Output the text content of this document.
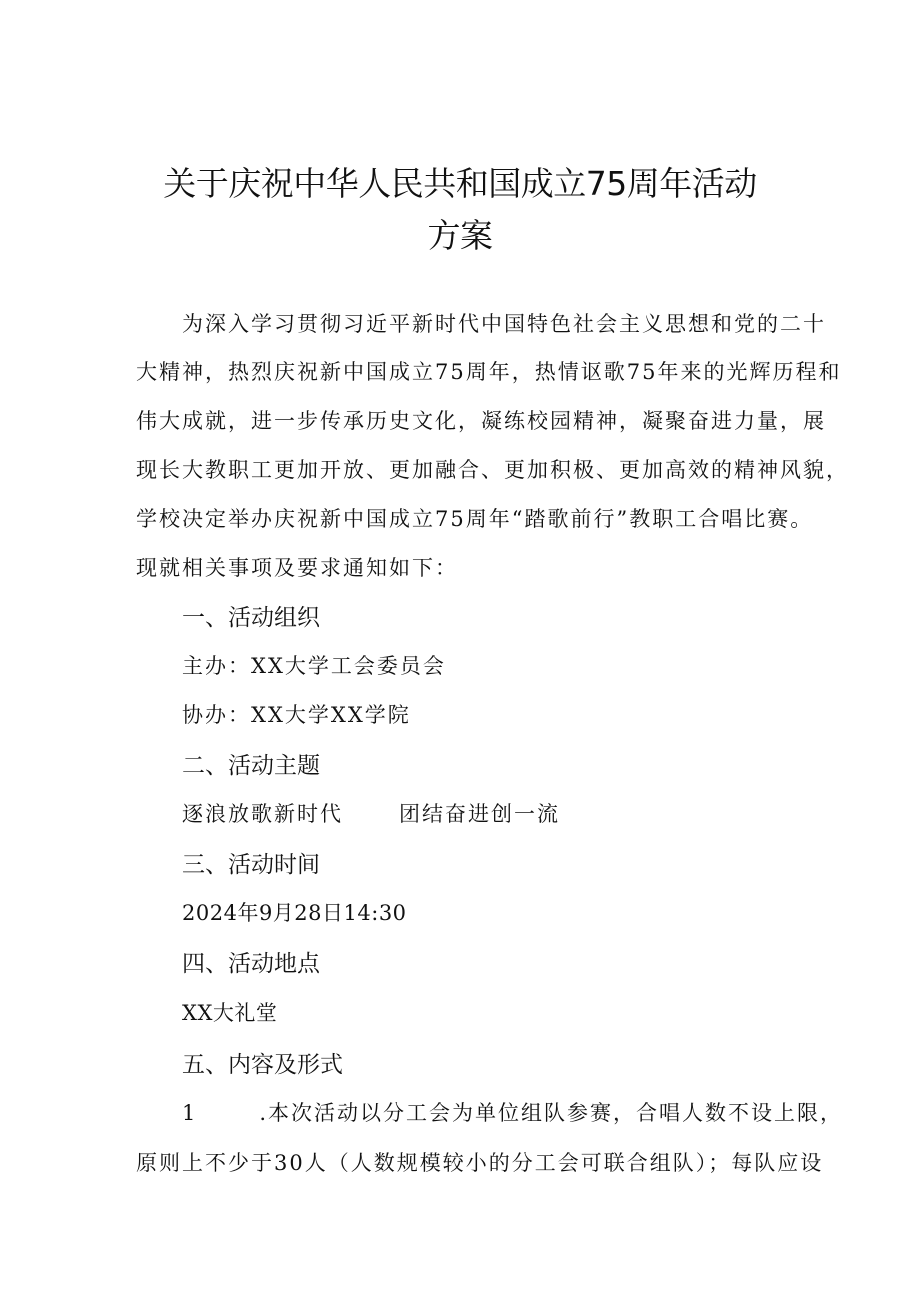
关于庆祝中华人民共和国成立75周年活动
方案

为深入学习贯彻习近平新时代中国特色社会主义思想和党的二十

大精神，热烈庆祝新中国成立75周年，热情讴歌75年来的光辉历程和

伟大成就，进一步传承历史文化，凝练校园精神，凝聚奋进力量，展

现长大教职工更加开放、更加融合、更加积极、更加高效的精神风貌，

学校决定举办庆祝新中国成立75周年“踏歌前行”教职工合唱比赛。

现就相关事项及要求通知如下：

一、活动组织

主办：XX大学工会委员会

协办：XX大学XX学院

二、活动主题

逐浪放歌新时代	团结奋进创一流

三、活动时间

2024年9月28日14:30

四、活动地点

XX大礼堂

五、内容及形式

1	.本次活动以分工会为单位组队参赛，合唱人数不设上限，

原则上不少于30人（人数规模较小的分工会可联合组队）；每队应设
